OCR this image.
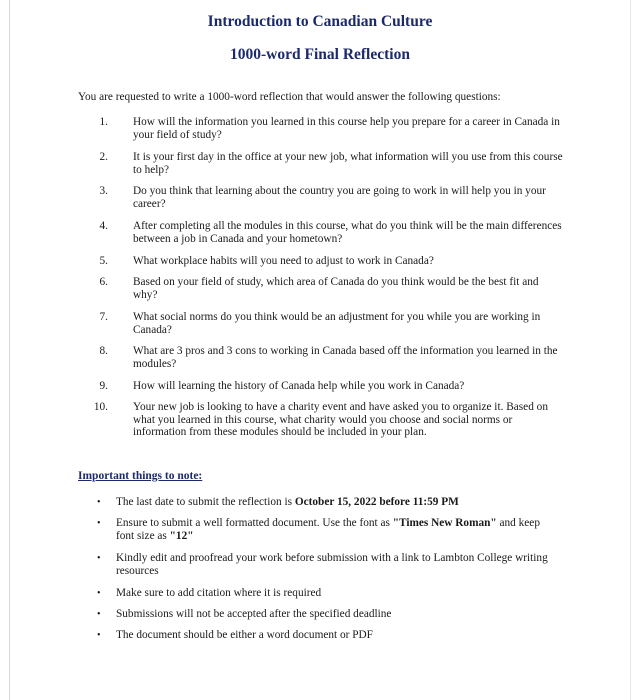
Introduction to Canadian Culture
1000-word Final Reflection
You are requested to write a 1000-word reflection that would answer the following questions:
1. How will the information you learned in this course help you prepare for a career in Canada in your field of study?
2. It is your first day in the office at your new job, what information will you use from this course to help?
3. Do you think that learning about the country you are going to work in will help you in your career?
4. After completing all the modules in this course, what do you think will be the main differences between a job in Canada and your hometown?
5. What workplace habits will you need to adjust to work in Canada?
6. Based on your field of study, which area of Canada do you think would be the best fit and why?
7. What social norms do you think would be an adjustment for you while you are working in Canada?
8. What are 3 pros and 3 cons to working in Canada based off the information you learned in the modules?
9. How will learning the history of Canada help while you work in Canada?
10. Your new job is looking to have a charity event and have asked you to organize it. Based on what you learned in this course, what charity would you choose and social norms or information from these modules should be included in your plan.
Important things to note:
•	The last date to submit the reflection is October 15, 2022 before 11:59 PM
•	Ensure to submit a well formatted document. Use the font as "Times New Roman" and keep font size as "12"
•	Kindly edit and proofread your work before submission with a link to Lambton College writing resources
•	Make sure to add citation where it is required
•	Submissions will not be accepted after the specified deadline
•	The document should be either a word document or PDF
